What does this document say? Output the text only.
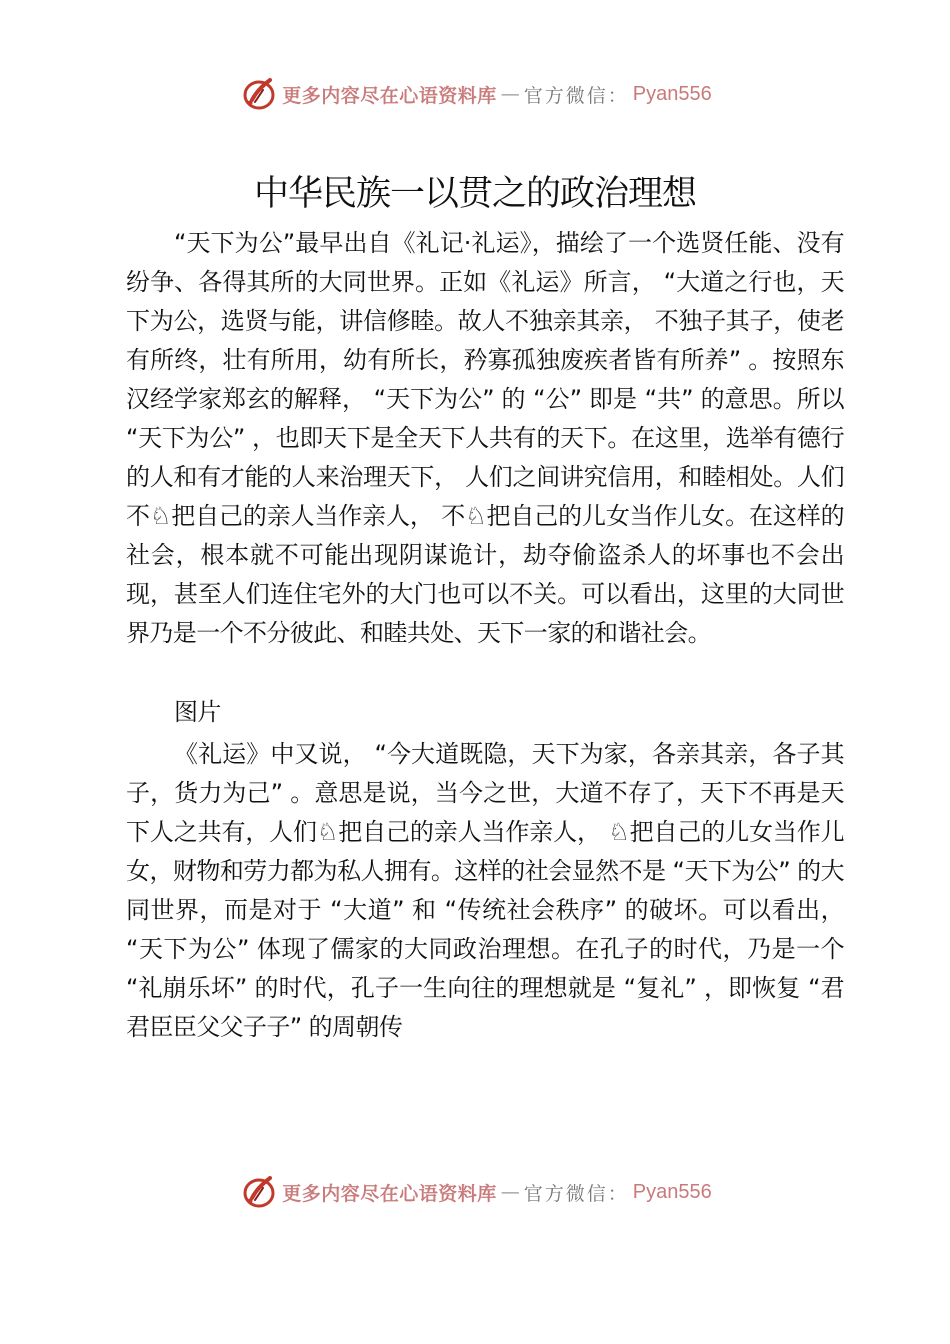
更多内容尽在心语资料库 — 官方微信： Pyan556
中华民族一以贯之的政治理想

“天下为公”最早出自《礼记·礼运》，描绘了一个选贤任能、没有纷争、各得其所的大同世界。正如《礼运》所言， “大道之行也，天下为公，选贤与能，讲信修睦。故人不独亲其亲， 不独子其子，使老有所终，壮有所用，幼有所长，矜寡孤独废疾者皆有所养” 。按照东汉经学家郑玄的解释， “天下为公” 的 “公” 即是 “共” 的意思。所以 “天下为公” ，也即天下是全天下人共有的天下。在这里，选举有德行的人和有才能的人来治理天下， 人们之间讲究信用，和睦相处。人们不♘把自己的亲人当作亲人， 不♘把自己的儿女当作儿女。在这样的社会，根本就不可能出现阴谋诡计，劫夺偷盗杀人的坏事也不会出现，甚至人们连住宅外的大门也可以不关。可以看出，这里的大同世界乃是一个不分彼此、和睦共处、天下一家的和谐社会。

图片

《礼运》中又说， “今大道既隐，天下为家，各亲其亲，各子其子，货力为己” 。意思是说，当今之世，大道不存了，天下不再是天下人之共有，人们♘把自己的亲人当作亲人， ♘把自己的儿女当作儿女，财物和劳力都为私人拥有。这样的社会显然不是 “天下为公” 的大同世界，而是对于 “大道” 和 “传统社会秩序” 的破坏。可以看出， “天下为公” 体现了儒家的大同政治理想。在孔子的时代，乃是一个 “礼崩乐坏” 的时代，孔子一生向往的理想就是 “复礼” ，即恢复 “君君臣臣父父子子” 的周朝传

更多内容尽在心语资料库 — 官方微信： Pyan556
